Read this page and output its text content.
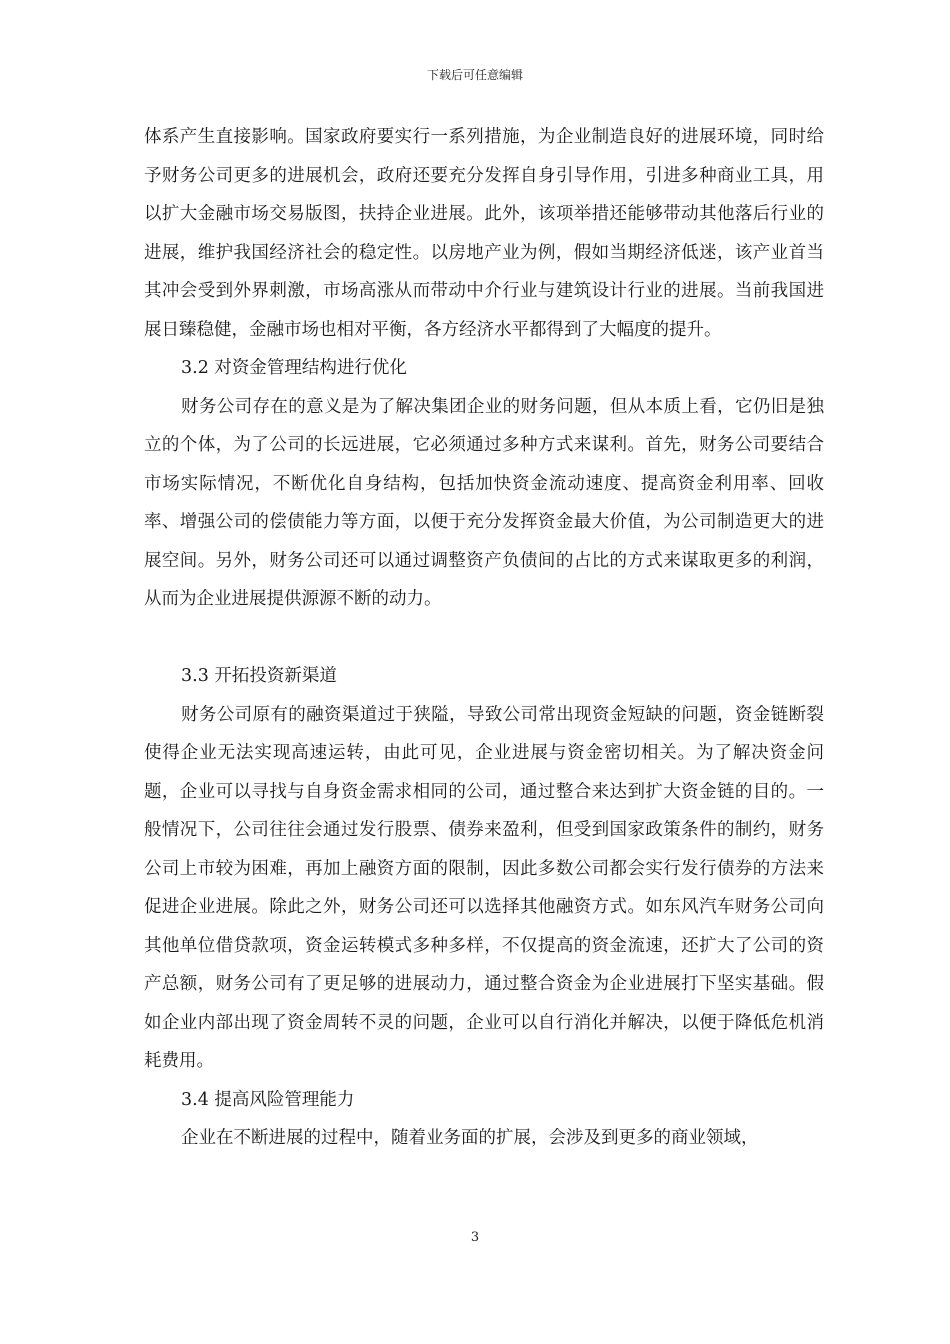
下载后可任意编辑

体系产生直接影响。国家政府要实行一系列措施，为企业制造良好的进展环境，同时给予财务公司更多的进展机会，政府还要充分发挥自身引导作用，引进多种商业工具，用以扩大金融市场交易版图，扶持企业进展。此外，该项举措还能够带动其他落后行业的进展，维护我国经济社会的稳定性。以房地产业为例，假如当期经济低迷，该产业首当其冲会受到外界刺激，市场高涨从而带动中介行业与建筑设计行业的进展。当前我国进展日臻稳健，金融市场也相对平衡，各方经济水平都得到了大幅度的提升。

3.2 对资金管理结构进行优化

财务公司存在的意义是为了解决集团企业的财务问题，但从本质上看，它仍旧是独立的个体，为了公司的长远进展，它必须通过多种方式来谋利。首先，财务公司要结合市场实际情况，不断优化自身结构，包括加快资金流动速度、提高资金利用率、回收率、增强公司的偿债能力等方面，以便于充分发挥资金最大价值，为公司制造更大的进展空间。另外，财务公司还可以通过调整资产负债间的占比的方式来谋取更多的利润，从而为企业进展提供源源不断的动力。

3.3 开拓投资新渠道

财务公司原有的融资渠道过于狭隘，导致公司常出现资金短缺的问题，资金链断裂使得企业无法实现高速运转，由此可见，企业进展与资金密切相关。为了解决资金问题，企业可以寻找与自身资金需求相同的公司，通过整合来达到扩大资金链的目的。一般情况下，公司往往会通过发行股票、债券来盈利，但受到国家政策条件的制约，财务公司上市较为困难，再加上融资方面的限制，因此多数公司都会实行发行债券的方法来促进企业进展。除此之外，财务公司还可以选择其他融资方式。如东风汽车财务公司向其他单位借贷款项，资金运转模式多种多样，不仅提高的资金流速，还扩大了公司的资产总额，财务公司有了更足够的进展动力，通过整合资金为企业进展打下坚实基础。假如企业内部出现了资金周转不灵的问题，企业可以自行消化并解决，以便于降低危机消耗费用。

3.4 提高风险管理能力

企业在不断进展的过程中，随着业务面的扩展，会涉及到更多的商业领域，

3
